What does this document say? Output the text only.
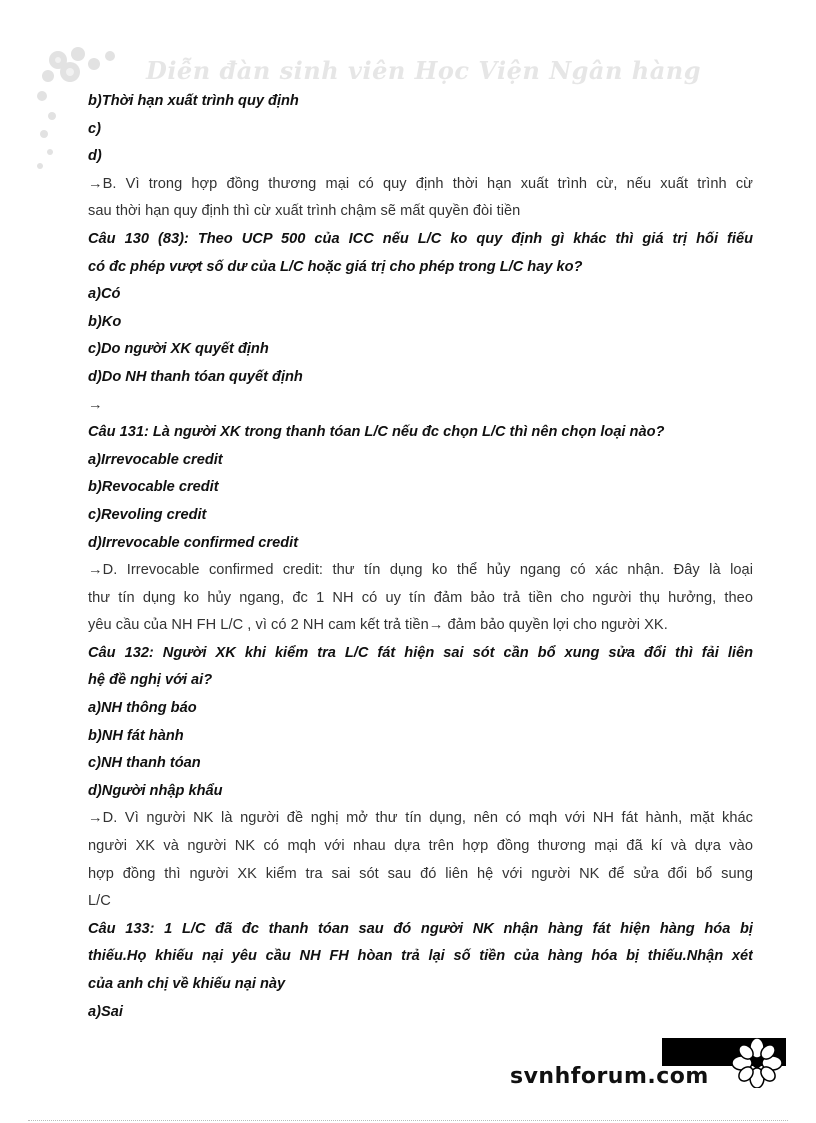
Diễn đàn sinh viên Học Viện Ngân hàng
b)Thời hạn xuất trình quy định
c)
d)
→B. Vì trong hợp đồng thương mại có quy định thời hạn xuất trình cừ, nếu xuất trình cừ
sau thời hạn quy định thì cừ xuất trình chậm sẽ mất quyền đòi tiền
Câu 130 (83): Theo UCP 500 của ICC nếu L/C ko quy định gì khác thì giá trị hối fiếu
có đc phép vượt số dư của L/C hoặc giá trị cho phép trong L/C hay ko?
a)Có
b)Ko
c)Do người XK quyết định
d)Do NH thanh tóan quyết định
→
Câu 131: Là người XK trong thanh tóan L/C nếu đc chọn L/C thì nên chọn loại nào?
a)Irrevocable credit
b)Revocable credit
c)Revoling credit
d)Irrevocable confirmed credit
→D. Irrevocable confirmed credit: thư tín dụng ko thể hủy ngang có xác nhận. Đây là loại
thư tín dụng ko hủy ngang, đc 1 NH có uy tín đảm bảo trả tiền cho người thụ hưởng, theo
yêu cầu của NH FH L/C , vì có 2 NH cam kết trả tiền→ đảm bảo quyền lợi cho người XK.
Câu 132: Người XK khi kiểm tra L/C fát hiện sai sót cần bổ xung sửa đổi thì fải liên
hệ đề nghị với ai?
a)NH thông báo
b)NH fát hành
c)NH thanh tóan
d)Người nhập khẩu
→D. Vì người NK là người đề nghị mở thư tín dụng, nên có mqh với NH fát hành, mặt khác
người XK và người NK có mqh với nhau dựa trên hợp đồng thương mại đã kí và dựa vào
hợp đồng thì người XK kiểm tra sai sót sau đó liên hệ với người NK để sửa đổi bổ sung
L/C
Câu 133: 1 L/C đã đc thanh tóan sau đó người NK nhận hàng fát hiện hàng hóa bị
thiếu.Họ khiếu nại yêu cầu NH FH hòan trả lại số tiền của hàng hóa bị thiếu.Nhận xét
của anh chị về khiếu nại này
a)Sai
svnhforum.com
